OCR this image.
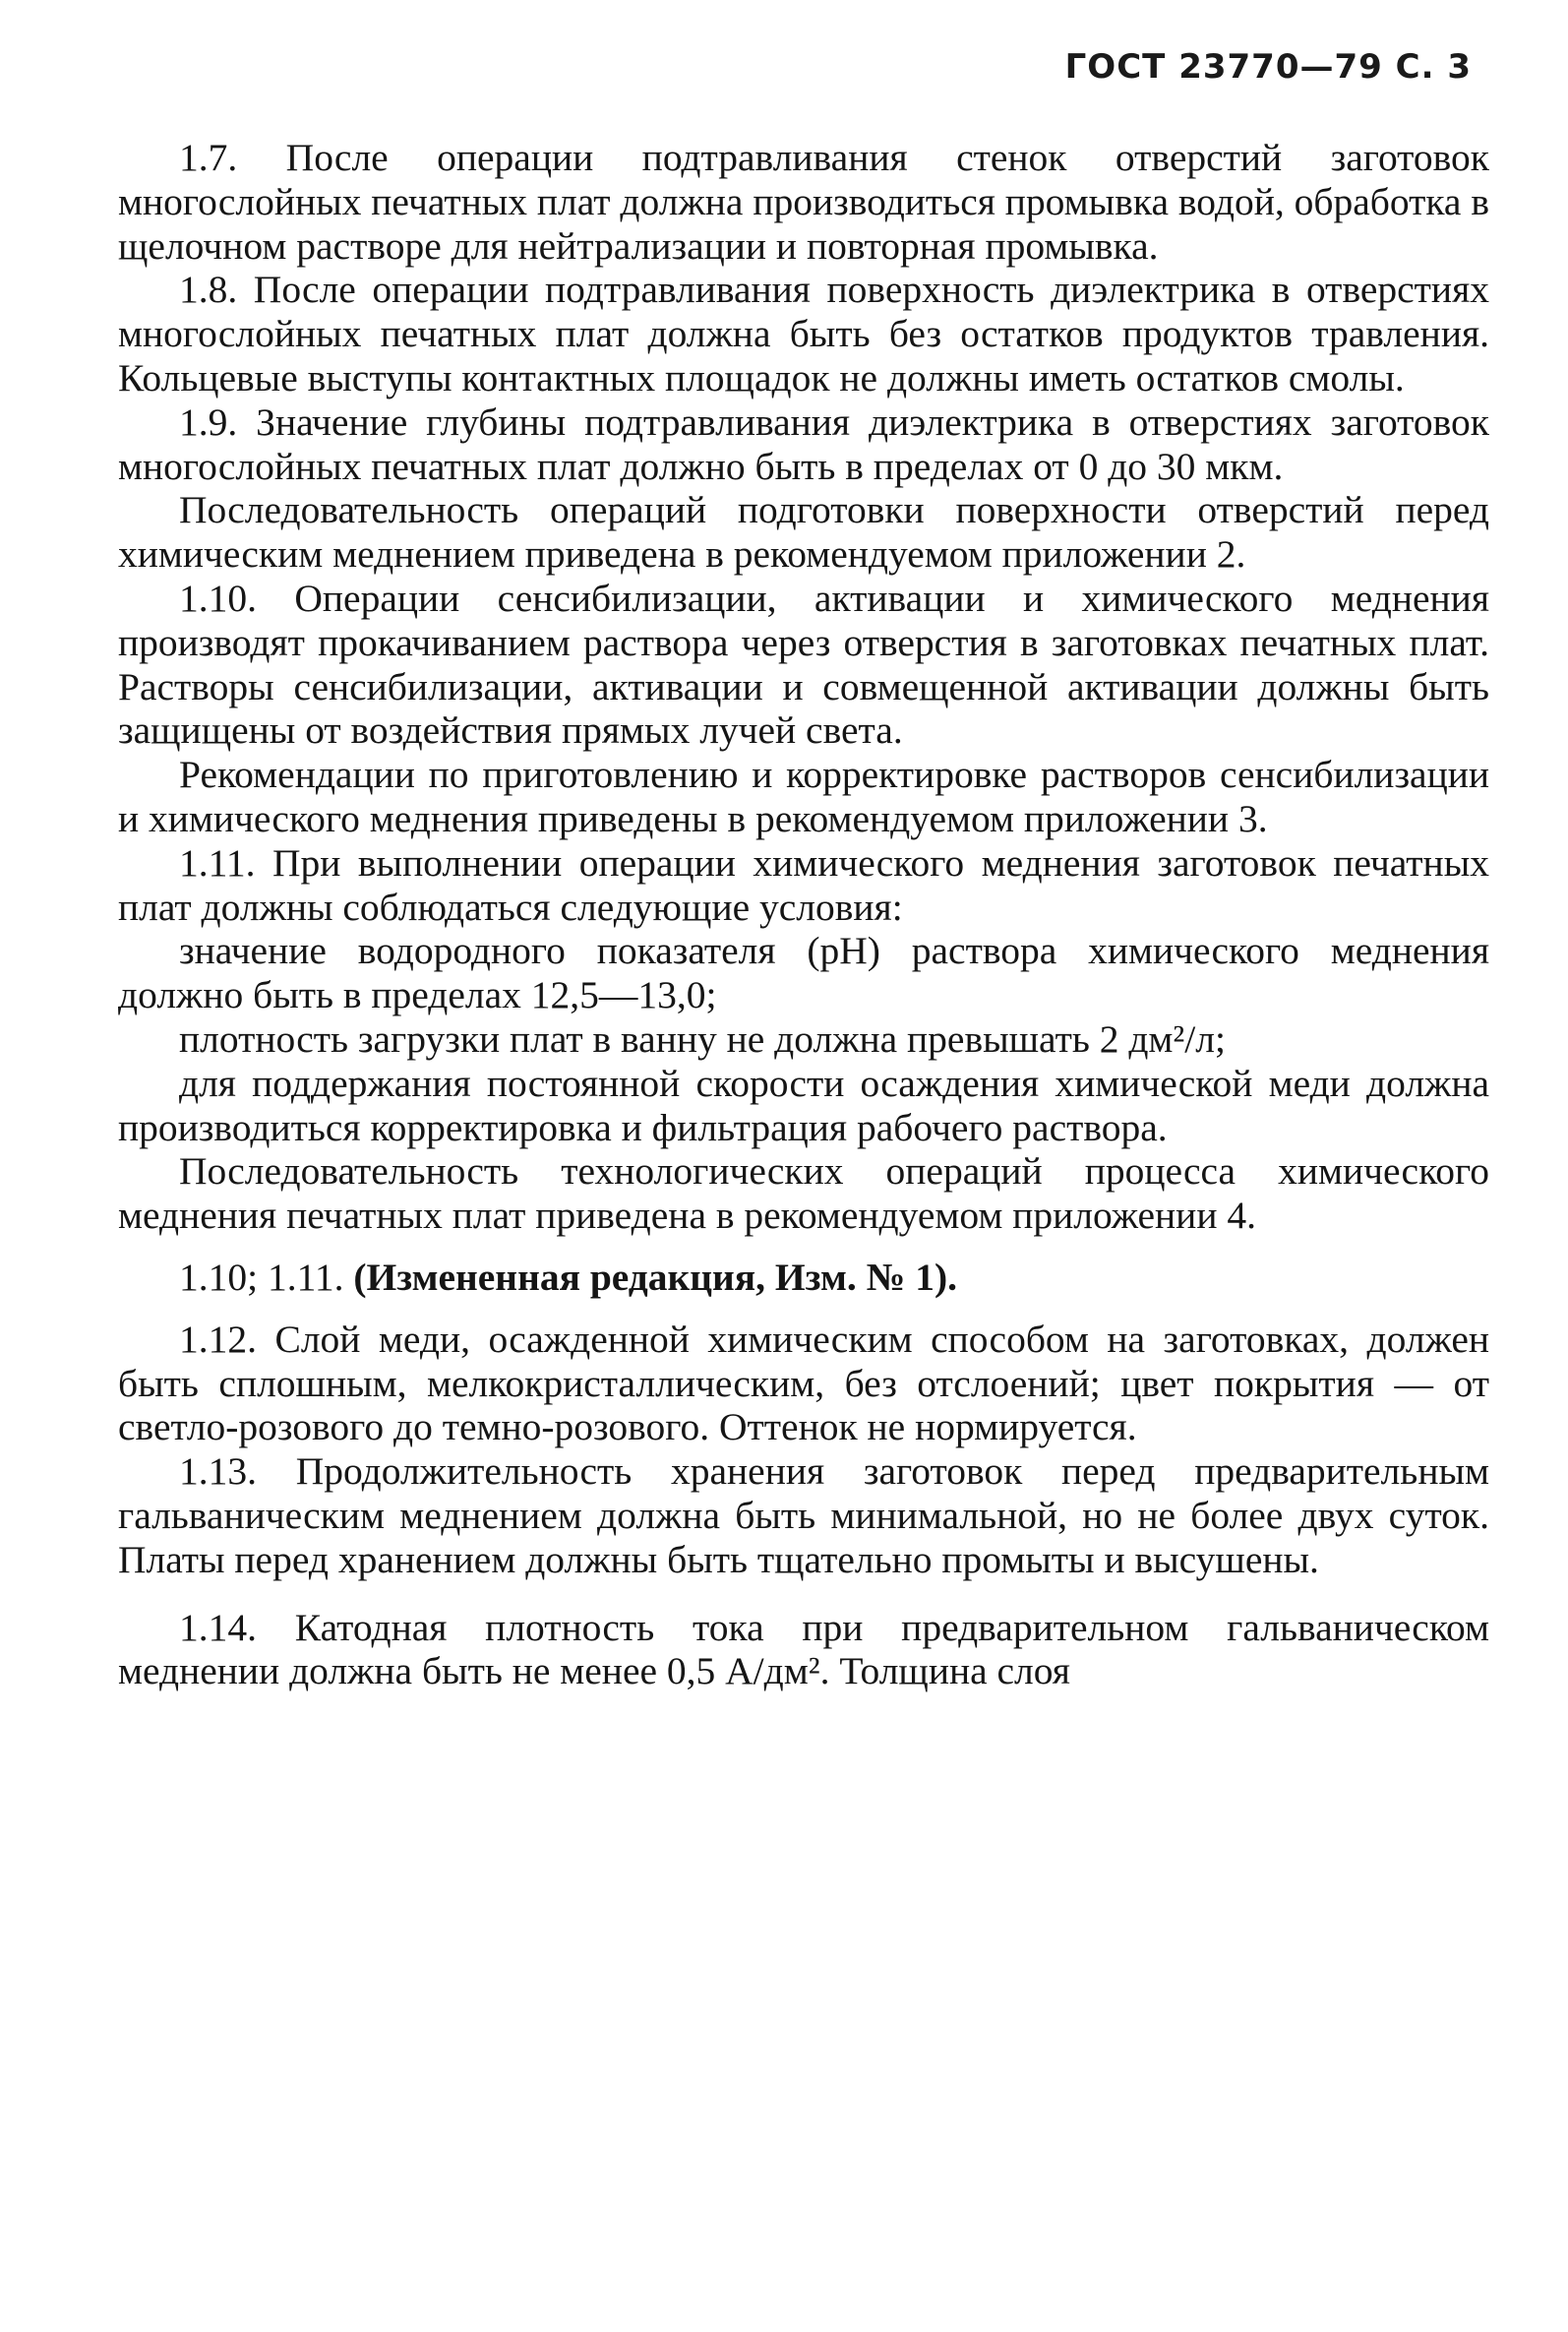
ГОСТ 23770—79 С. 3

1.7. После операции подтравливания стенок отверстий заготовок многослойных печатных плат должна производиться промывка водой, обработка в щелочном растворе для нейтрализации и повторная промывка.

1.8. После операции подтравливания поверхность диэлектрика в отверстиях многослойных печатных плат должна быть без остатков продуктов травления. Кольцевые выступы контактных площадок не должны иметь остатков смолы.

1.9. Значение глубины подтравливания диэлектрика в отверстиях заготовок многослойных печатных плат должно быть в пределах от 0 до 30 мкм.

Последовательность операций подготовки поверхности отверстий перед химическим меднением приведена в рекомендуемом приложении 2.

1.10. Операции сенсибилизации, активации и химического меднения производят прокачиванием раствора через отверстия в заготовках печатных плат. Растворы сенсибилизации, активации и совмещенной активации должны быть защищены от воздействия прямых лучей света.

Рекомендации по приготовлению и корректировке растворов сенсибилизации и химического меднения приведены в рекомендуемом приложении 3.

1.11. При выполнении операции химического меднения заготовок печатных плат должны соблюдаться следующие условия:

значение водородного показателя (pH) раствора химического меднения должно быть в пределах 12,5—13,0;

плотность загрузки плат в ванну не должна превышать 2 дм²/л;

для поддержания постоянной скорости осаждения химической меди должна производиться корректировка и фильтрация рабочего раствора.

Последовательность технологических операций процесса химического меднения печатных плат приведена в рекомендуемом приложении 4.

1.10; 1.11. (Измененная редакция, Изм. № 1).

1.12. Слой меди, осажденной химическим способом на заготовках, должен быть сплошным, мелкокристаллическим, без отслоений; цвет покрытия — от светло-розового до темно-розового. Оттенок не нормируется.

1.13. Продолжительность хранения заготовок перед предварительным гальваническим меднением должна быть минимальной, но не более двух суток. Платы перед хранением должны быть тщательно промыты и высушены.

1.14. Катодная плотность тока при предварительном гальваническом меднении должна быть не менее 0,5 А/дм². Толщина слоя
